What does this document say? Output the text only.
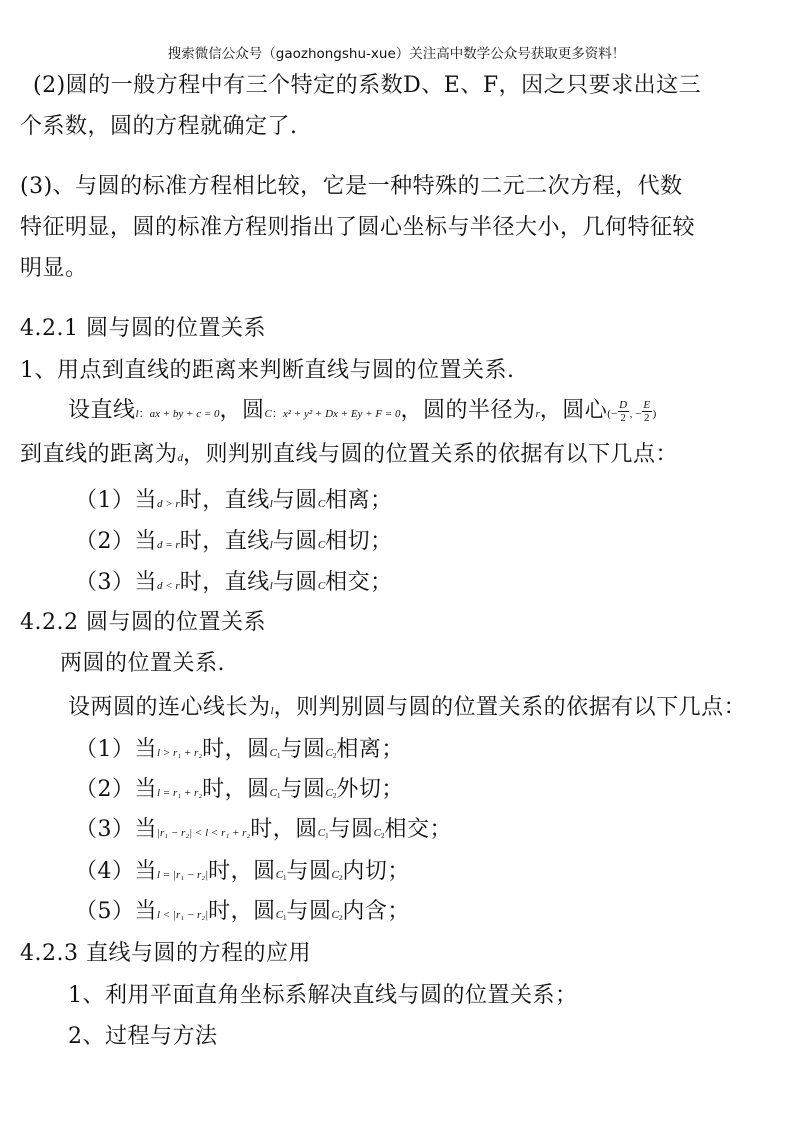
搜索微信公众号（gaozhongshu-xue）关注高中数学公众号获取更多资料！
(2)圆的一般方程中有三个特定的系数D、E、F，因之只要求出这三
个系数，圆的方程就确定了.
(3)、与圆的标准方程相比较，它是一种特殊的二元二次方程，代数
特征明显，圆的标准方程则指出了圆心坐标与半径大小，几何特征较
明显。
4.2.1 圆与圆的位置关系
1、用点到直线的距离来判断直线与圆的位置关系.
设直线l：ax + by + c = 0，圆C：x² + y² + Dx + Ey + F = 0，圆的半径为r，圆心(− $\frac{D}{2}$ , − $\frac{E}{2}$ )
到直线的距离为d，则判别直线与圆的位置关系的依据有以下几点：
（1）当d > r时，直线l与圆C相离；
（2）当d = r时，直线l与圆C相切；
（3）当d < r时，直线l与圆C相交；
4.2.2 圆与圆的位置关系
两圆的位置关系.
设两圆的连心线长为l，则判别圆与圆的位置关系的依据有以下几点：
（1）当l > r₁ + r₂时，圆$C_1$与圆$C_2$相离；
（2）当l = r₁ + r₂时，圆$C_1$与圆$C_2$外切；
（3）当|r₁ − r₂| < l < r₁ + r₂时，圆$C_1$与圆$C_2$相交；
（4）当l = |r₁ − r₂|时，圆$C_1$与圆$C_2$内切；
（5）当l < |r₁ − r₂|时，圆$C_1$与圆$C_2$内含；
4.2.3 直线与圆的方程的应用
1、利用平面直角坐标系解决直线与圆的位置关系；
2、过程与方法
